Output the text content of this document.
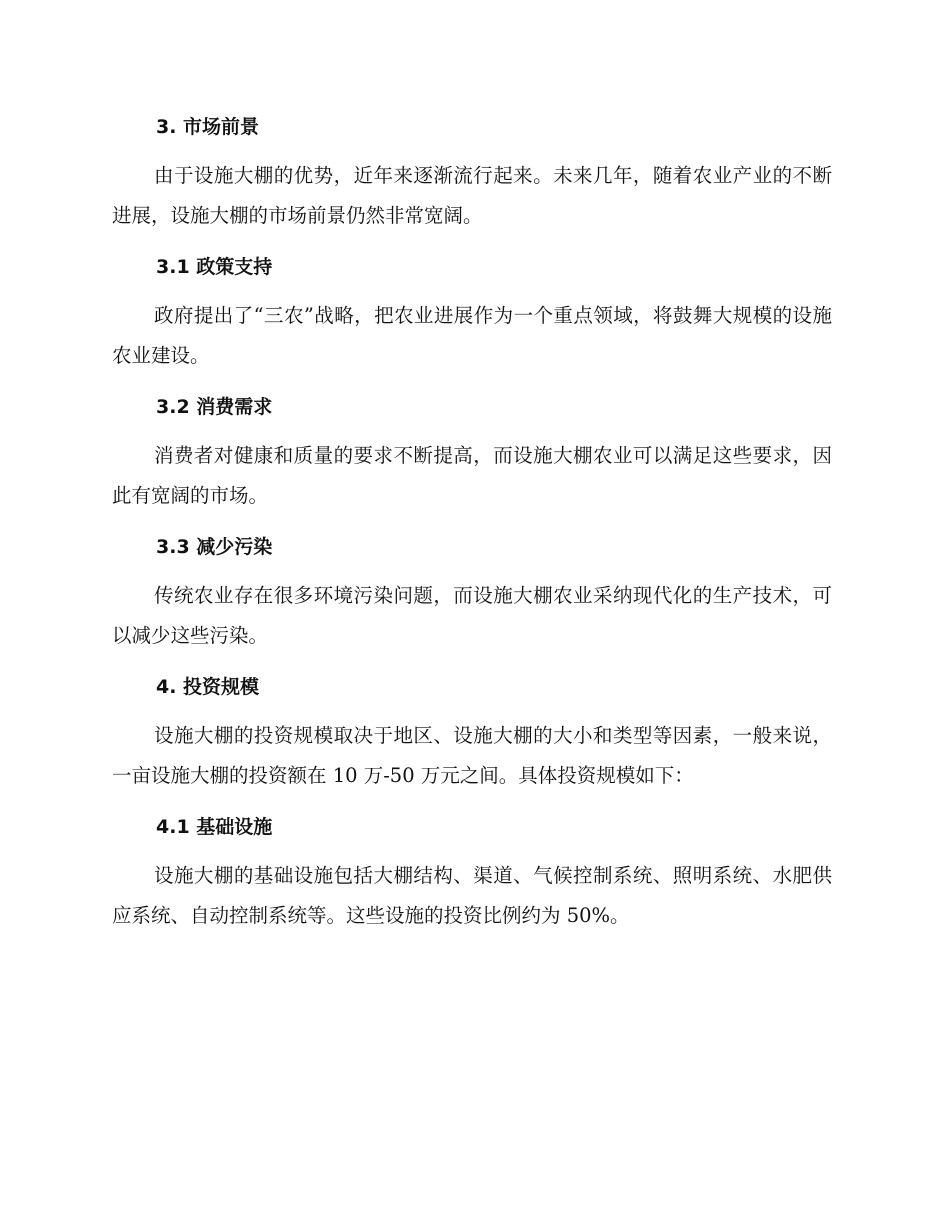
3. 市场前景

由于设施大棚的优势，近年来逐渐流行起来。未来几年，随着农业产业的不断进展，设施大棚的市场前景仍然非常宽阔。

3.1 政策支持

政府提出了“三农”战略，把农业进展作为一个重点领域，将鼓舞大规模的设施农业建设。

3.2 消费需求

消费者对健康和质量的要求不断提高，而设施大棚农业可以满足这些要求，因此有宽阔的市场。

3.3 减少污染

传统农业存在很多环境污染问题，而设施大棚农业采纳现代化的生产技术，可以减少这些污染。

4. 投资规模

设施大棚的投资规模取决于地区、设施大棚的大小和类型等因素，一般来说，一亩设施大棚的投资额在 10 万-50 万元之间。具体投资规模如下：

4.1 基础设施

设施大棚的基础设施包括大棚结构、渠道、气候控制系统、照明系统、水肥供应系统、自动控制系统等。这些设施的投资比例约为 50%。
